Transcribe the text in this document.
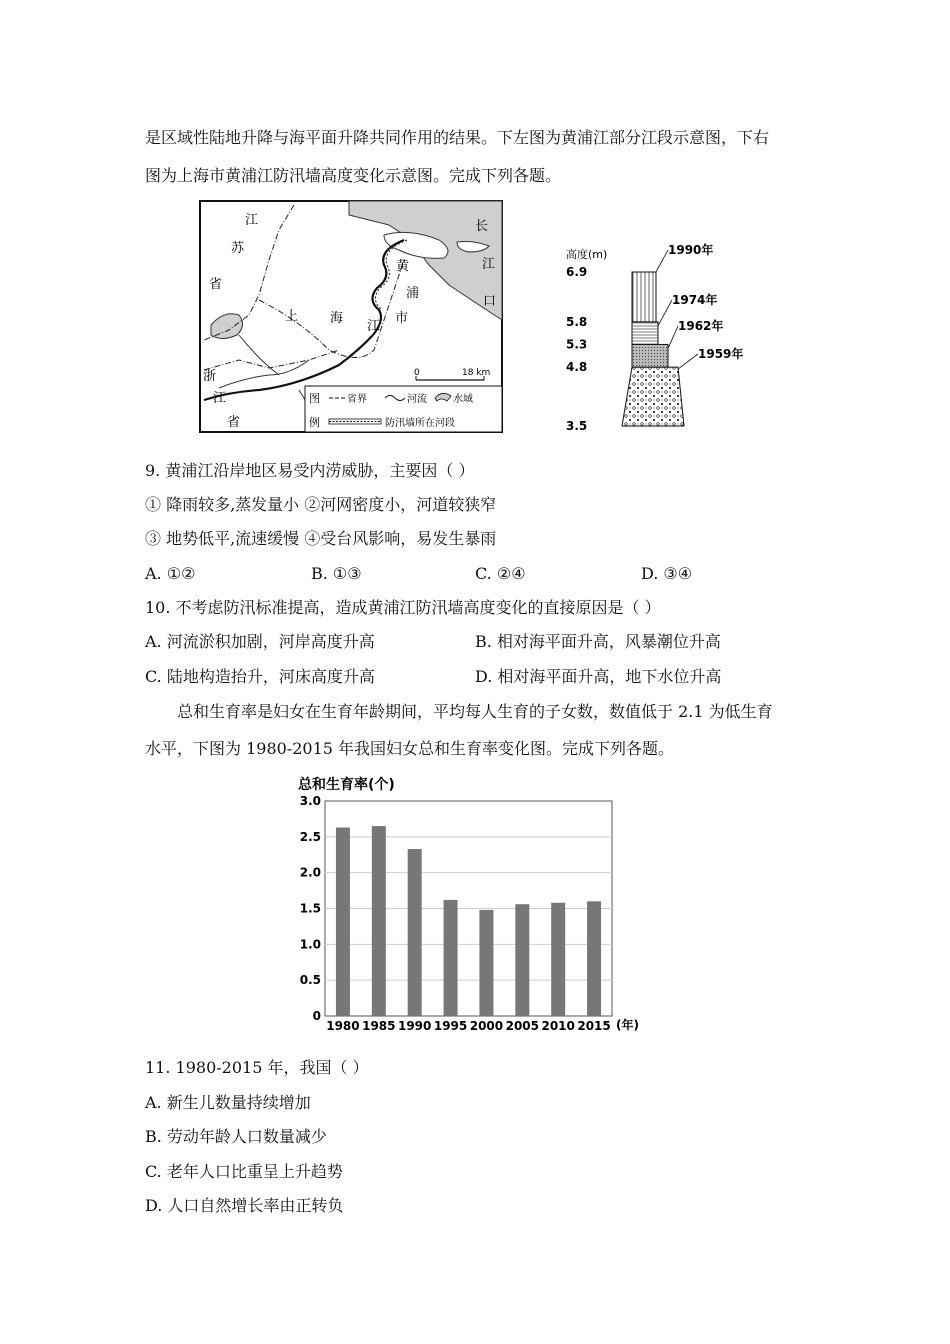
是区域性陆地升降与海平面升降共同作用的结果。下左图为黄浦江部分江段示意图，下右
图为上海市黄浦江防汛墙高度变化示意图。完成下列各题。
江
苏
省
长
江
口
黄
浦
江
上 海	市
浙
江
省
0	18 km
图
例
省界	河流	水域
防汛墙所在河段
高度(m)
6.9
5.8
5.3
4.8
3.5
1990年
1974年
1962年
1959年
9. 黄浦江沿岸地区易受内涝威胁，主要因（ ）
① 降雨较多,蒸发量小 ②河网密度小，河道较狭窄
③ 地势低平,流速缓慢 ④受台风影响，易发生暴雨
A. ①②	B. ①③	C. ②④	D. ③④
10. 不考虑防汛标准提高，造成黄浦江防汛墙高度变化的直接原因是（ ）
A. 河流淤积加剧，河岸高度升高	B. 相对海平面升高，风暴潮位升高
C. 陆地构造抬升，河床高度升高	D. 相对海平面升高，地下水位升高
总和生育率是妇女在生育年龄期间，平均每人生育的子女数，数值低于 2.1 为低生育
水平，下图为 1980-2015 年我国妇女总和生育率变化图。完成下列各题。
总和生育率(个)
0
0.5
1.0
1.5
2.0
2.5
3.0
1980 1985 1990 1995 2000 2005 2010 2015 (年)
11. 1980-2015 年，我国（ ）
A. 新生儿数量持续增加
B. 劳动年龄人口数量减少
C. 老年人口比重呈上升趋势
D. 人口自然增长率由正转负
